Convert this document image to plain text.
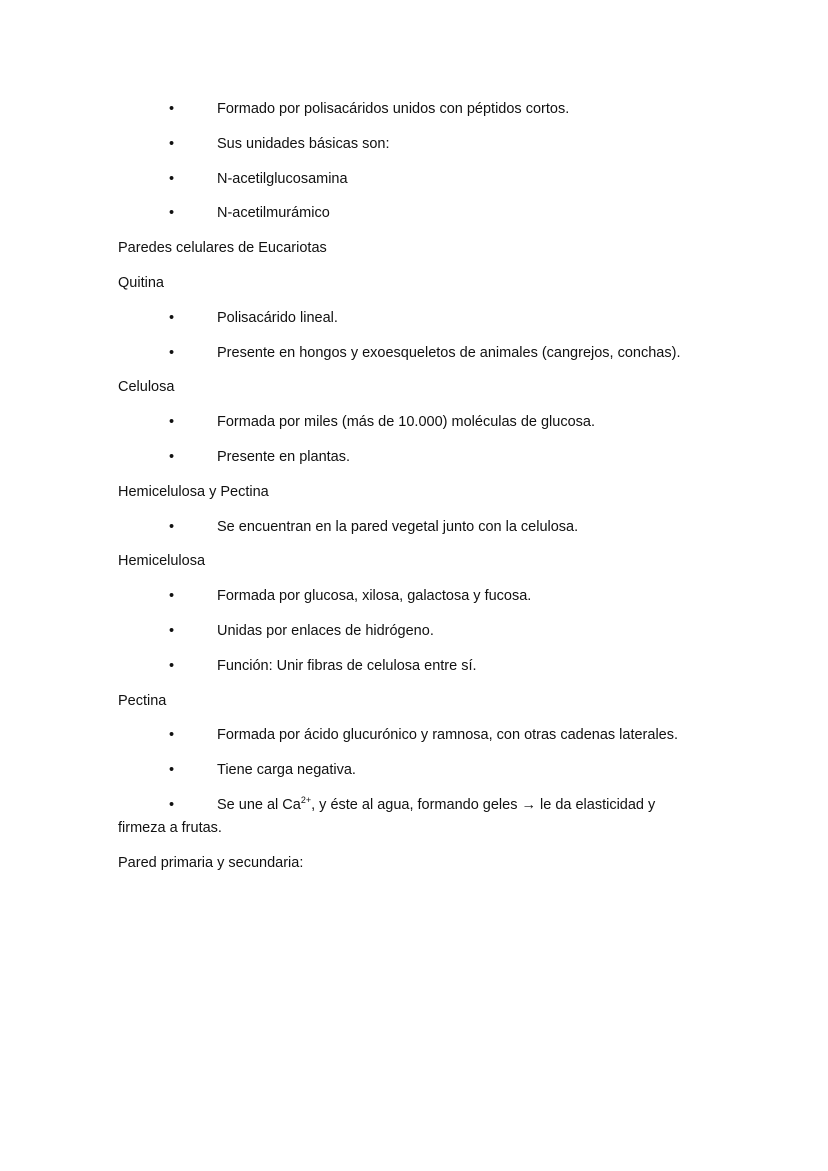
•	Formado por polisacáridos unidos con péptidos cortos.
•	Sus unidades básicas son:
•	N-acetilglucosamina
•	N-acetilmurámico
Paredes celulares de Eucariotas
Quitina
•	Polisacárido lineal.
•	Presente en hongos y exoesqueletos de animales (cangrejos, conchas).
Celulosa
•	Formada por miles (más de 10.000) moléculas de glucosa.
•	Presente en plantas.
Hemicelulosa y Pectina
•	Se encuentran en la pared vegetal junto con la celulosa.
Hemicelulosa
•	Formada por glucosa, xilosa, galactosa y fucosa.
•	Unidas por enlaces de hidrógeno.
•	Función: Unir fibras de celulosa entre sí.
Pectina
•	Formada por ácido glucurónico y ramnosa, con otras cadenas laterales.
•	Tiene carga negativa.
•	Se une al $Ca^{2+}$, y éste al agua, formando geles → le da elasticidad y
firmeza a frutas.
Pared primaria y secundaria:
